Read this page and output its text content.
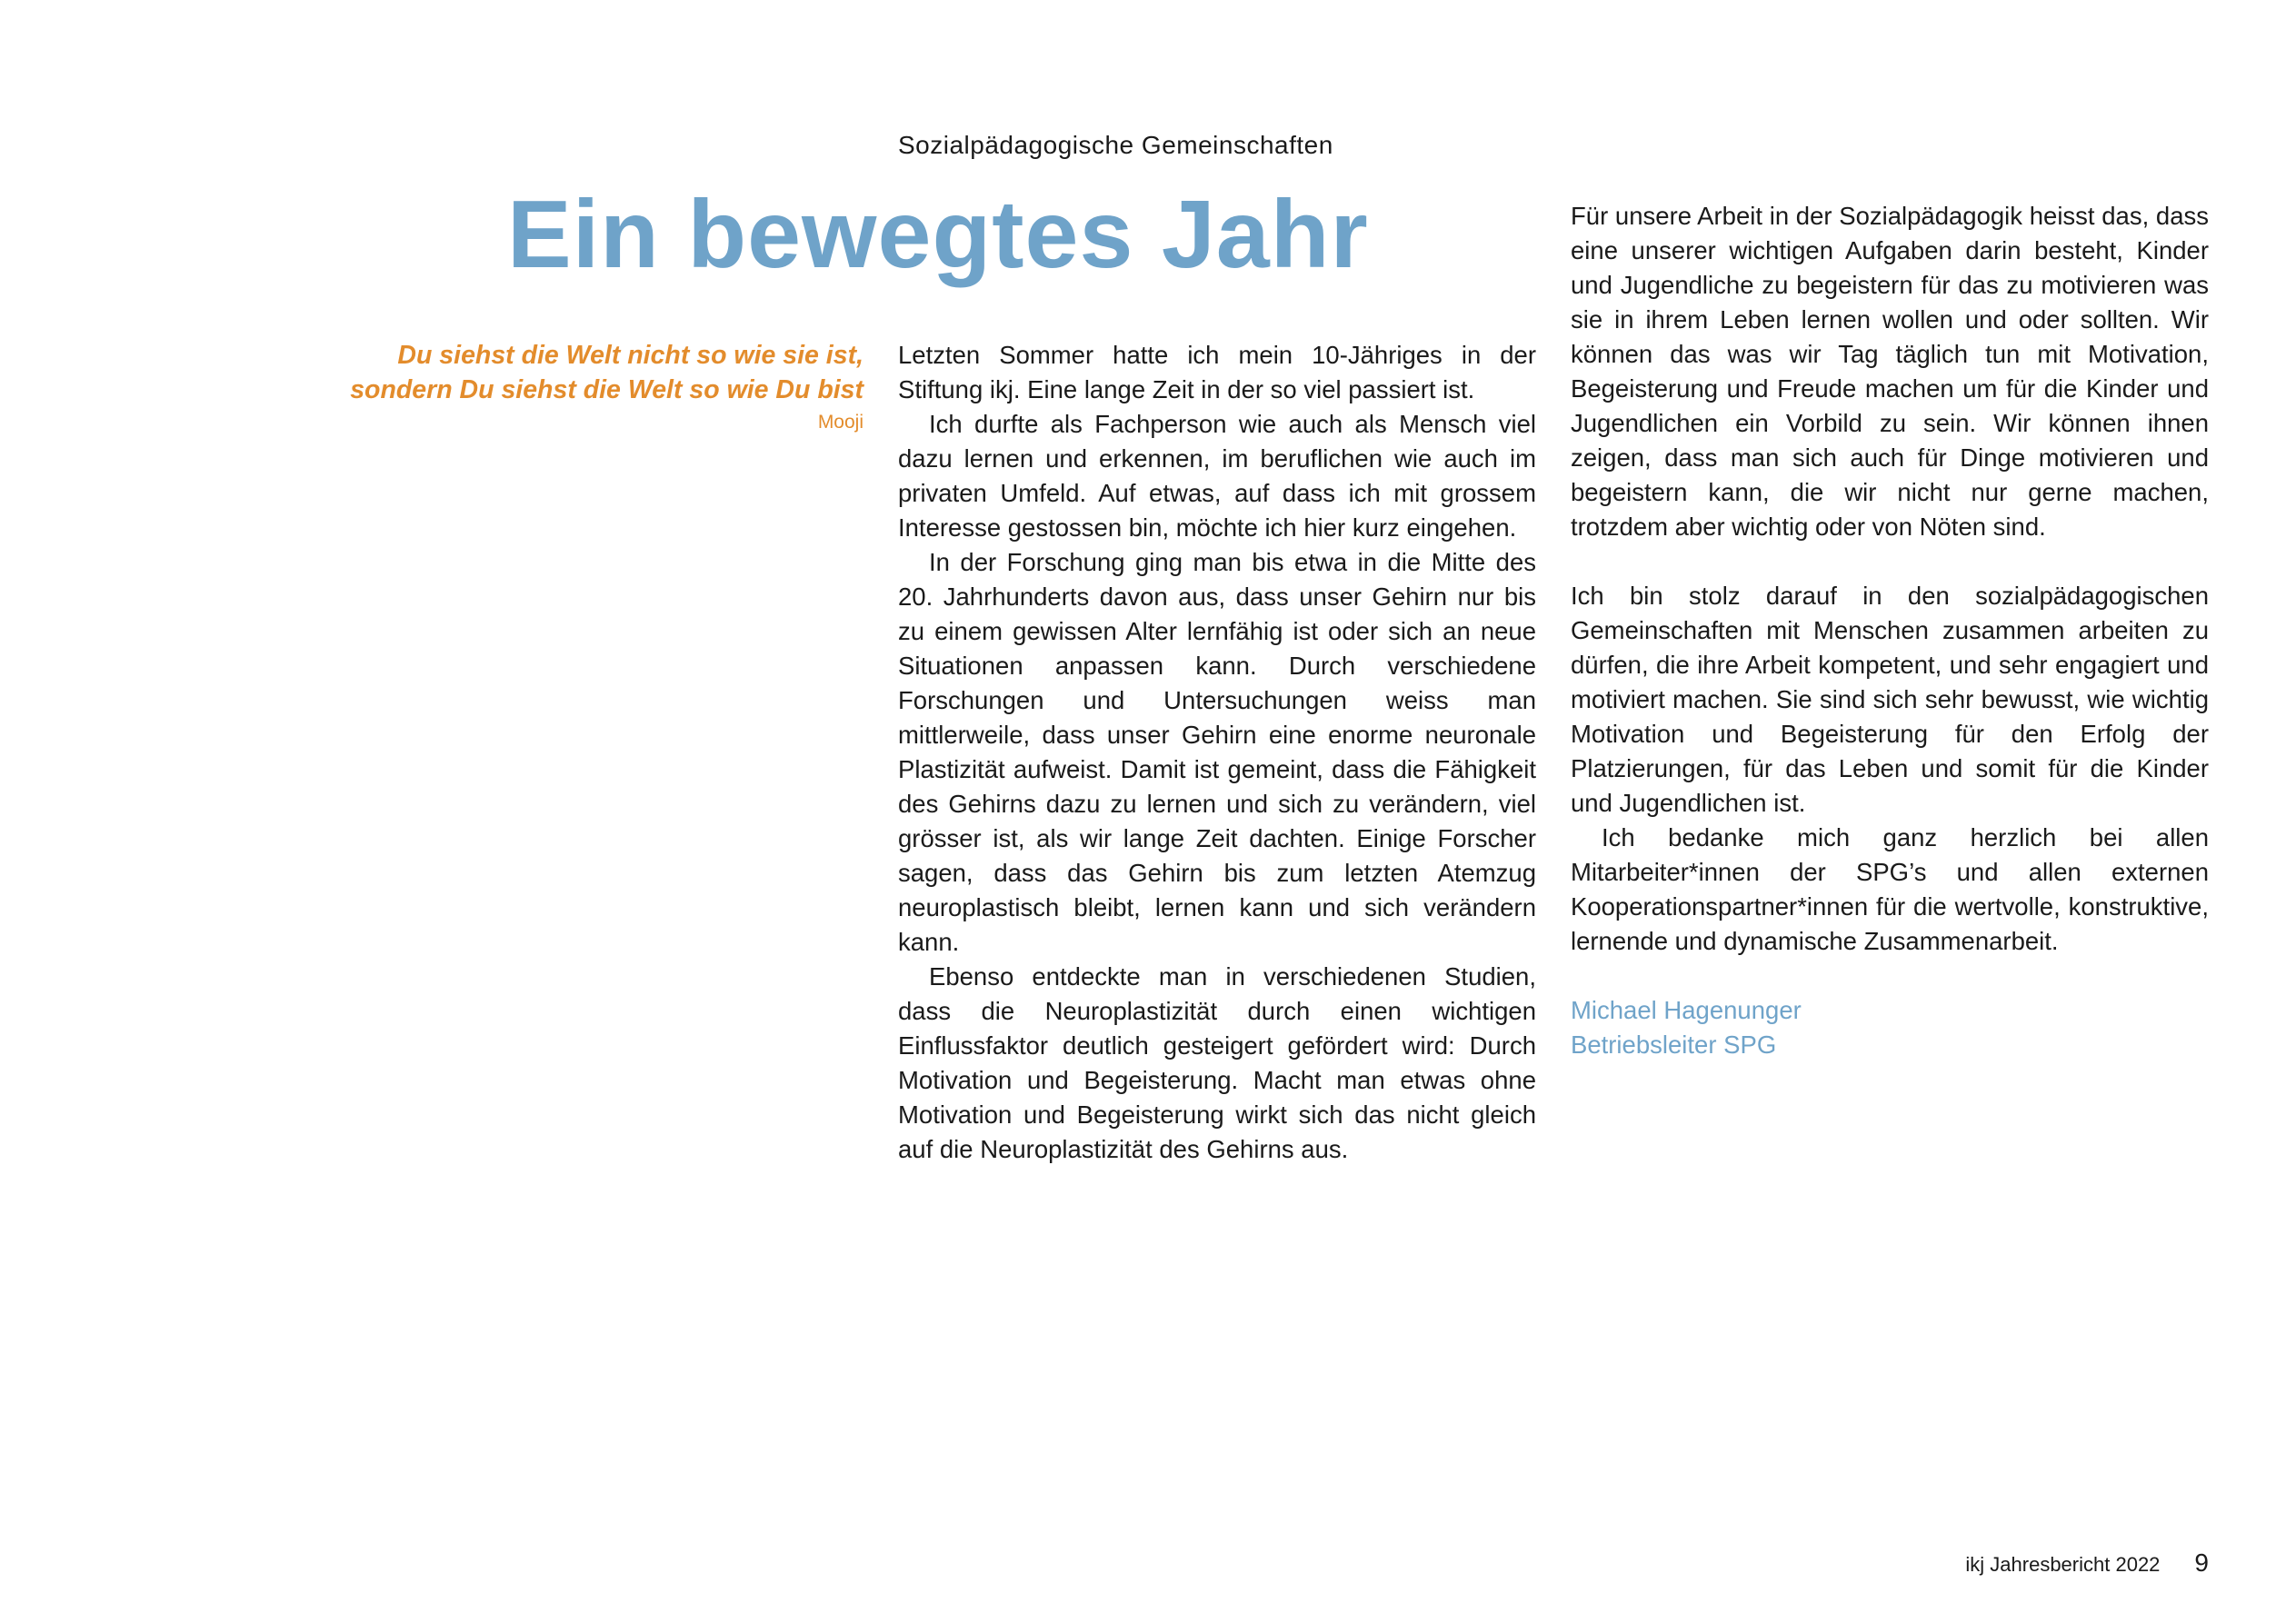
Sozialpädagogische Gemeinschaften
Ein bewegtes Jahr
Du siehst die Welt nicht so wie sie ist,
sondern Du siehst die Welt so wie Du bist
Mooji

Letzten Sommer hatte ich mein 10-Jähriges in der Stiftung ikj. Eine lange Zeit in der so viel passiert ist.

Ich durfte als Fachperson wie auch als Mensch viel dazu lernen und erkennen, im beruflichen wie auch im privaten Umfeld. Auf etwas, auf dass ich mit grossem Interesse gestossen bin, möchte ich hier kurz eingehen.

In der Forschung ging man bis etwa in die Mitte des 20. Jahrhunderts davon aus, dass unser Gehirn nur bis zu einem gewissen Alter lernfähig ist oder sich an neue Situationen anpassen kann. Durch verschiedene Forschungen und Untersuchungen weiss man mittlerweile, dass unser Gehirn eine enorme neuronale Plastizität aufweist. Damit ist gemeint, dass die Fähigkeit des Gehirns dazu zu lernen und sich zu verändern, viel grösser ist, als wir lange Zeit dachten. Einige Forscher sagen, dass das Gehirn bis zum letzten Atemzug neuroplastisch bleibt, lernen kann und sich verändern kann.

Ebenso entdeckte man in verschiedenen Studien, dass die Neuroplastizität durch einen wichtigen Einflussfaktor deutlich gesteigert gefördert wird: Durch Motivation und Begeisterung. Macht man etwas ohne Motivation und Begeisterung wirkt sich das nicht gleich auf die Neuroplastizität des Gehirns aus.

Für unsere Arbeit in der Sozialpädagogik heisst das, dass eine unserer wichtigen Aufgaben darin besteht, Kinder und Jugendliche zu begeistern für das zu motivieren was sie in ihrem Leben lernen wollen und oder sollten. Wir können das was wir Tag täglich tun mit Motivation, Begeisterung und Freude machen um für die Kinder und Jugendlichen ein Vorbild zu sein. Wir können ihnen zeigen, dass man sich auch für Dinge motivieren und begeistern kann, die wir nicht nur gerne machen, trotzdem aber wichtig oder von Nöten sind.

Ich bin stolz darauf in den sozialpädagogischen Gemeinschaften mit Menschen zusammen arbeiten zu dürfen, die ihre Arbeit kompetent, und sehr engagiert und motiviert machen. Sie sind sich sehr bewusst, wie wichtig Motivation und Begeisterung für den Erfolg der Platzierungen, für das Leben und somit für die Kinder und Jugendlichen ist.

Ich bedanke mich ganz herzlich bei allen Mitarbeiter*innen der SPG’s und allen externen Kooperationspartner*innen für die wertvolle, konstruktive, lernende und dynamische Zusammenarbeit.

Michael Hagenunger

Betriebsleiter SPG

ikj Jahresbericht 2022 9
